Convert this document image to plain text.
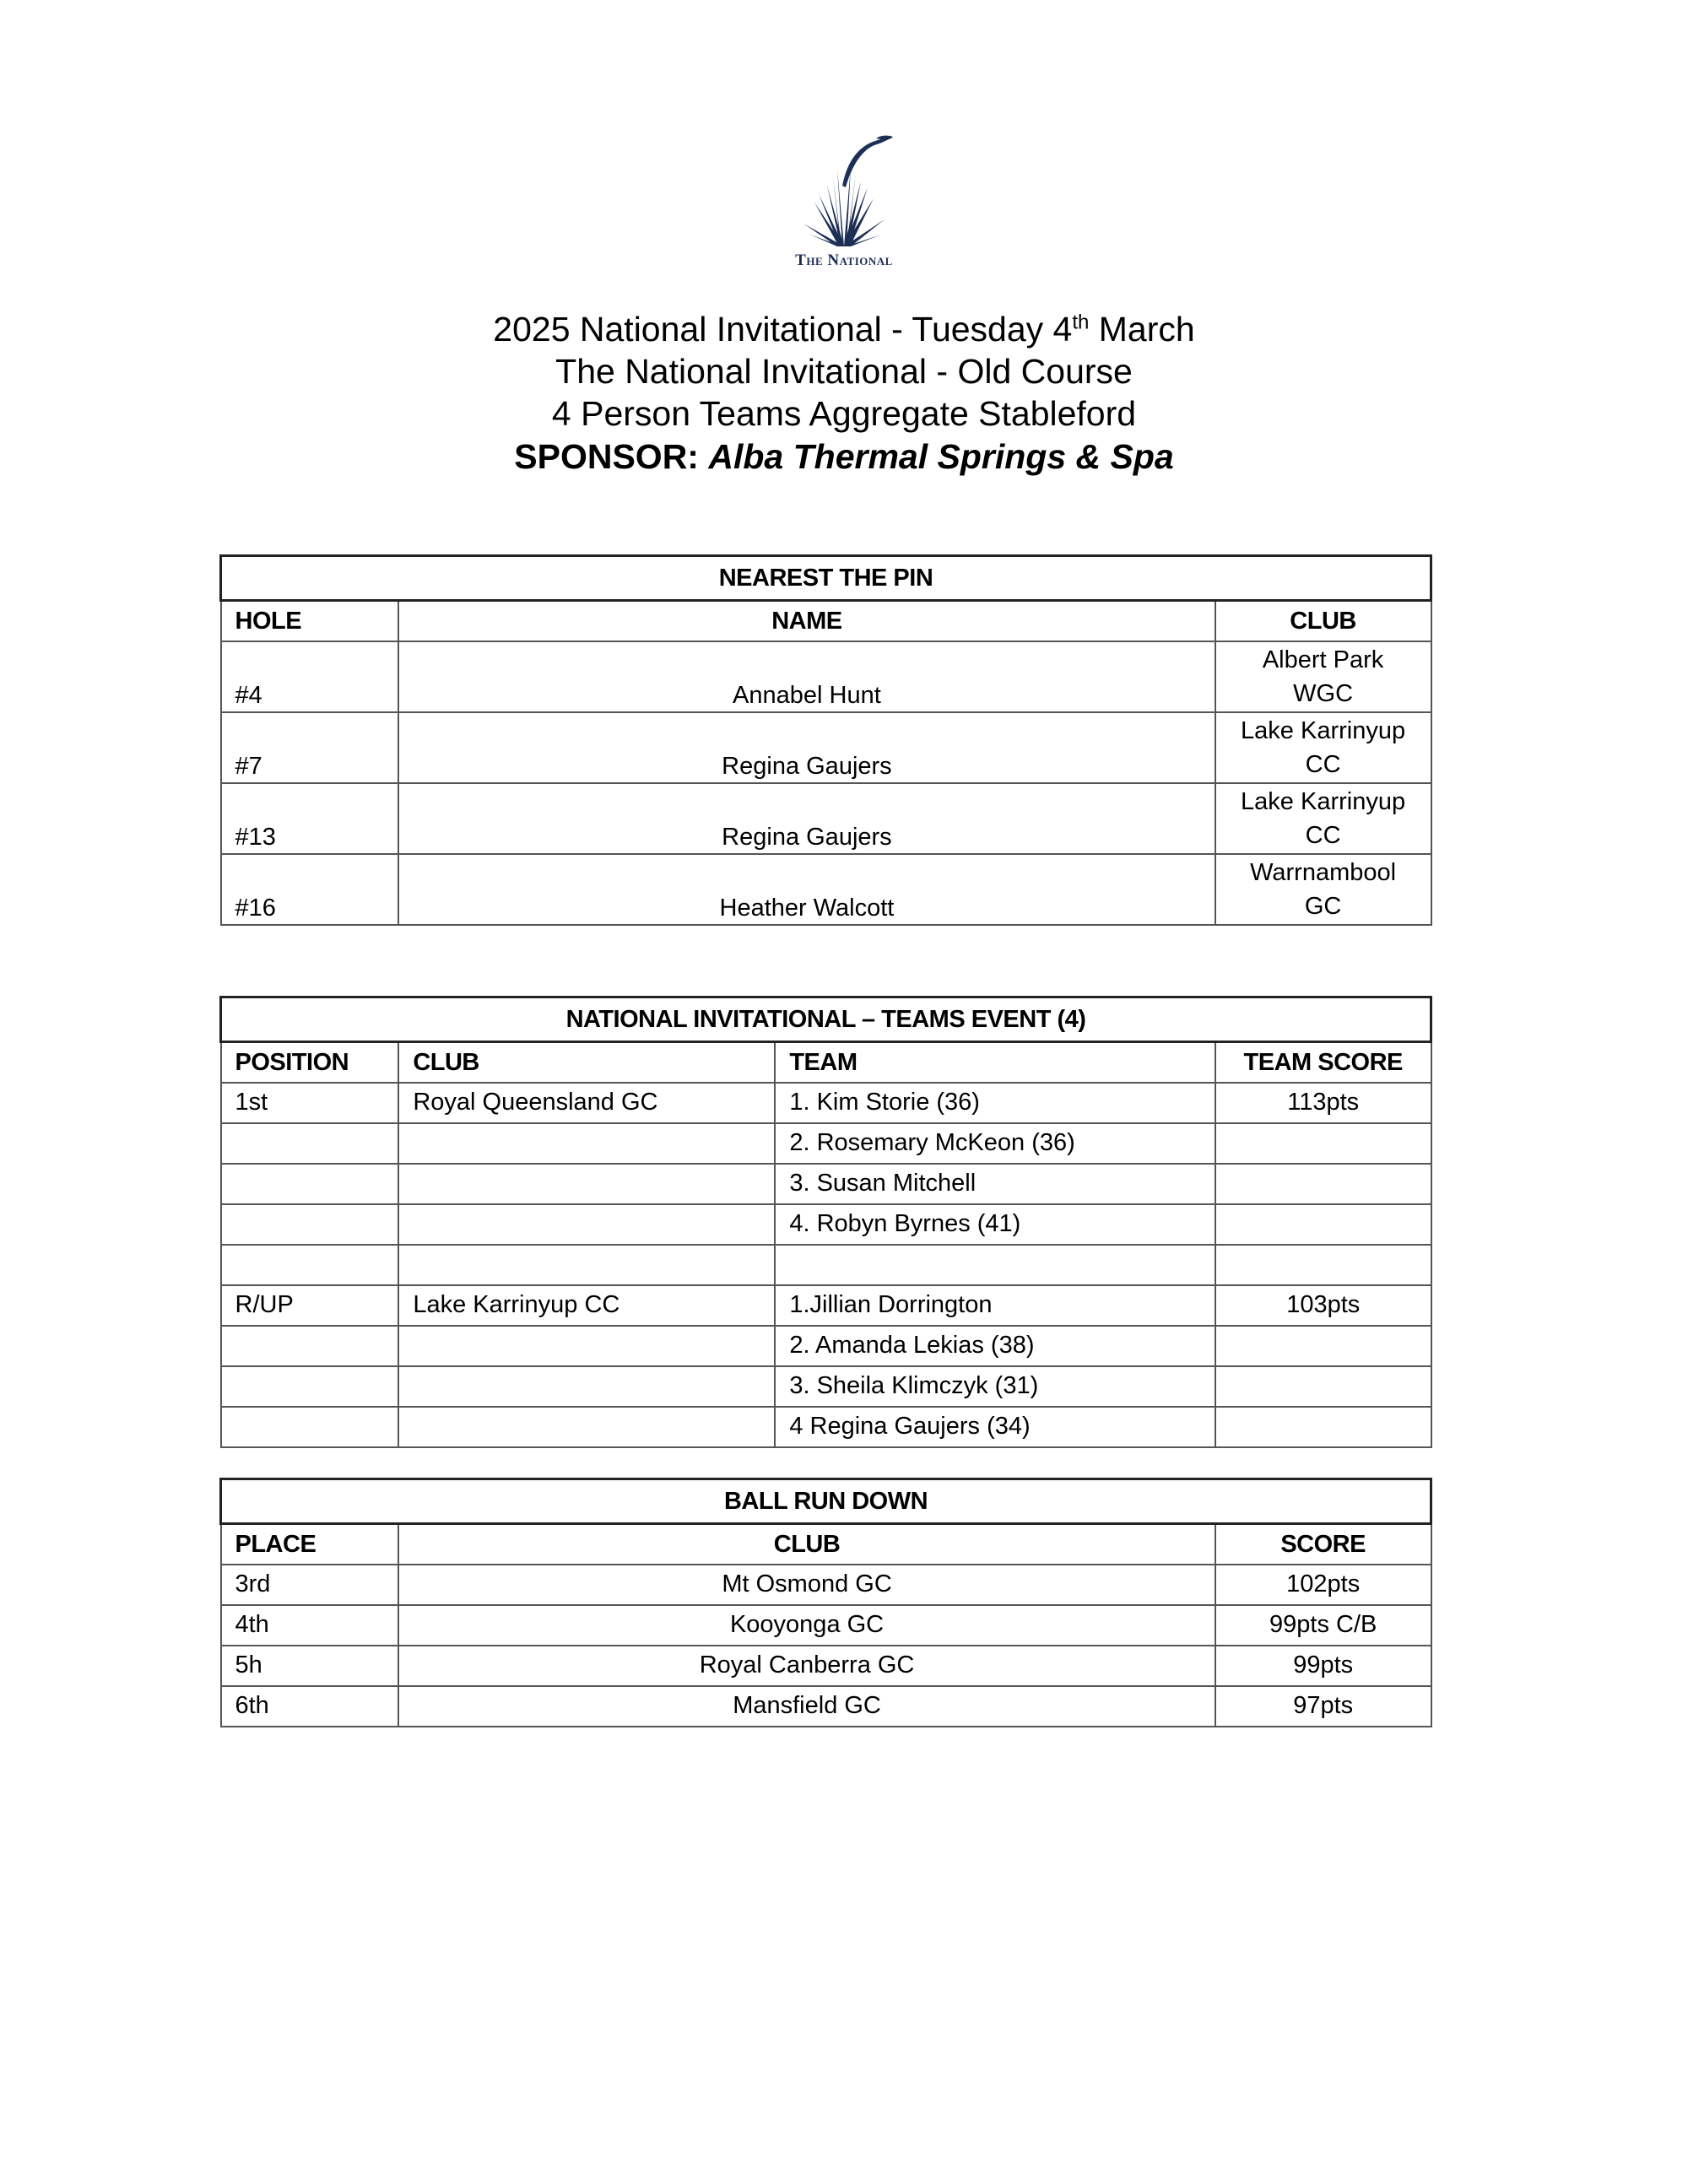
The National
2025 National Invitational - Tuesday 4th March
The National Invitational - Old Course
4 Person Teams Aggregate Stableford
SPONSOR: Alba Thermal Springs & Spa
NEAREST THE PIN		
HOLE	NAME	CLUB
#4	Annabel Hunt	Albert Park
WGC
#7	Regina Gaujers	Lake Karrinyup
CC
#13	Regina Gaujers	Lake Karrinyup
CC
#16	Heather Walcott	Warrnambool
GC
NATIONAL INVITATIONAL – TEAMS EVENT (4)			
POSITION	CLUB	TEAM	TEAM SCORE
1st	Royal Queensland GC	1. Kim Storie (36)	113pts
		2. Rosemary McKeon (36)	
		3. Susan Mitchell	
		4. Robyn Byrnes (41)	

R/UP	Lake Karrinyup CC	1.Jillian Dorrington	103pts
		2. Amanda Lekias (38)	
		3. Sheila Klimczyk (31)	
		4 Regina Gaujers (34)	
BALL RUN DOWN		
PLACE	CLUB	SCORE
3rd	Mt Osmond GC	102pts
4th	Kooyonga GC	99pts C/B
5h	Royal Canberra GC	99pts
6th	Mansfield GC	97pts
